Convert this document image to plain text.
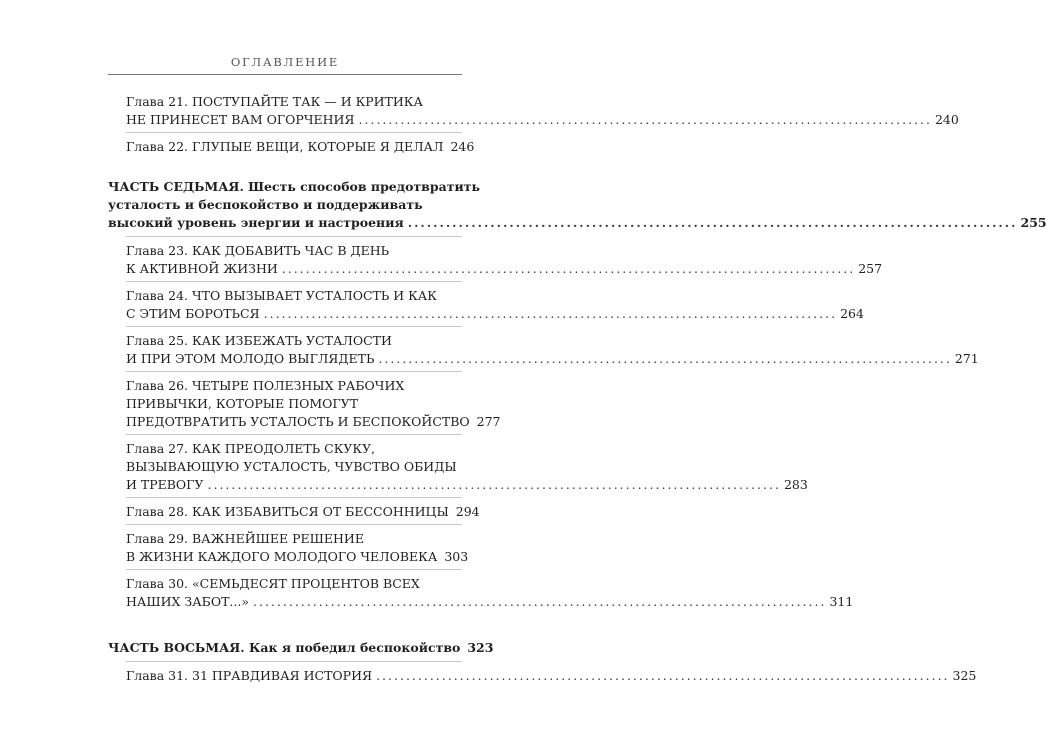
ОГЛАВЛЕНИЕ
Глава 21. ПОСТУПАЙТЕ ТАК — И КРИТИКА
НЕ ПРИНЕСЕТ ВАМ ОГОРЧЕНИЯ ................................................................................................ 240
Глава 22. ГЛУПЫЕ ВЕЩИ, КОТОРЫЕ Я ДЕЛАЛ 246
ЧАСТЬ СЕДЬМАЯ. Шесть способов предотвратить
усталость и беспокойство и поддерживать
высокий уровень энергии и настроения ................................................................................................ 255
Глава 23. КАК ДОБАВИТЬ ЧАС В ДЕНЬ
К АКТИВНОЙ ЖИЗНИ ................................................................................................ 257
Глава 24. ЧТО ВЫЗЫВАЕТ УСТАЛОСТЬ И КАК
С ЭТИМ БОРОТЬСЯ ................................................................................................ 264
Глава 25. КАК ИЗБЕЖАТЬ УСТАЛОСТИ
И ПРИ ЭТОМ МОЛОДО ВЫГЛЯДЕТЬ ................................................................................................ 271
Глава 26. ЧЕТЫРЕ ПОЛЕЗНЫХ РАБОЧИХ
ПРИВЫЧКИ, КОТОРЫЕ ПОМОГУТ
ПРЕДОТВРАТИТЬ УСТАЛОСТЬ И БЕСПОКОЙСТВО 277
Глава 27. КАК ПРЕОДОЛЕТЬ СКУКУ,
ВЫЗЫВАЮЩУЮ УСТАЛОСТЬ, ЧУВСТВО ОБИДЫ
И ТРЕВОГУ ................................................................................................ 283
Глава 28. КАК ИЗБАВИТЬСЯ ОТ БЕССОННИЦЫ 294
Глава 29. ВАЖНЕЙШЕЕ РЕШЕНИЕ
В ЖИЗНИ КАЖДОГО МОЛОДОГО ЧЕЛОВЕКА 303
Глава 30. «СЕМЬДЕСЯТ ПРОЦЕНТОВ ВСЕХ
НАШИХ ЗАБОТ...» ................................................................................................ 311
ЧАСТЬ ВОСЬМАЯ. Как я победил беспокойство 323
Глава 31. 31 ПРАВДИВАЯ ИСТОРИЯ ................................................................................................ 325
